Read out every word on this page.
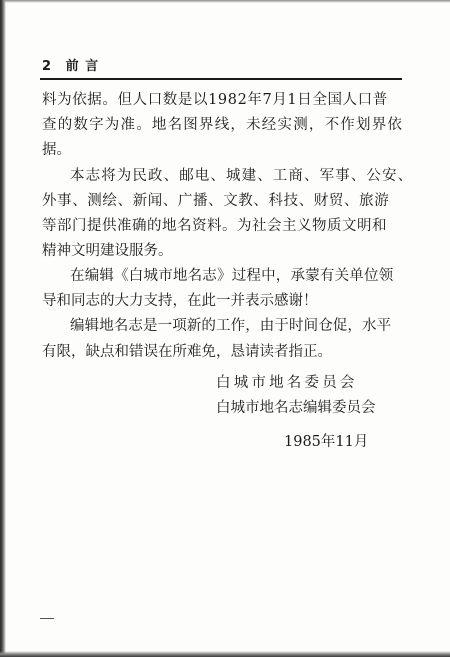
2 前 言
料为依据。但人口数是以1982年7月1日全国人口普
查的数字为准。地名图界线，未经实测，不作划界依
据。
本志将为民政、邮电、城建、工商、军事、公安、
外事、测绘、新闻、广播、文教、科技、财贸、旅游
等部门提供准确的地名资料。为社会主义物质文明和
精神文明建设服务。
在编辑《白城市地名志》过程中，承蒙有关单位领
导和同志的大力支持，在此一并表示感谢！
编辑地名志是一项新的工作，由于时间仓促，水平
有限，缺点和错误在所难免，恳请读者指正。
白城市地名委员会
白城市地名志编辑委员会
1985年11月
